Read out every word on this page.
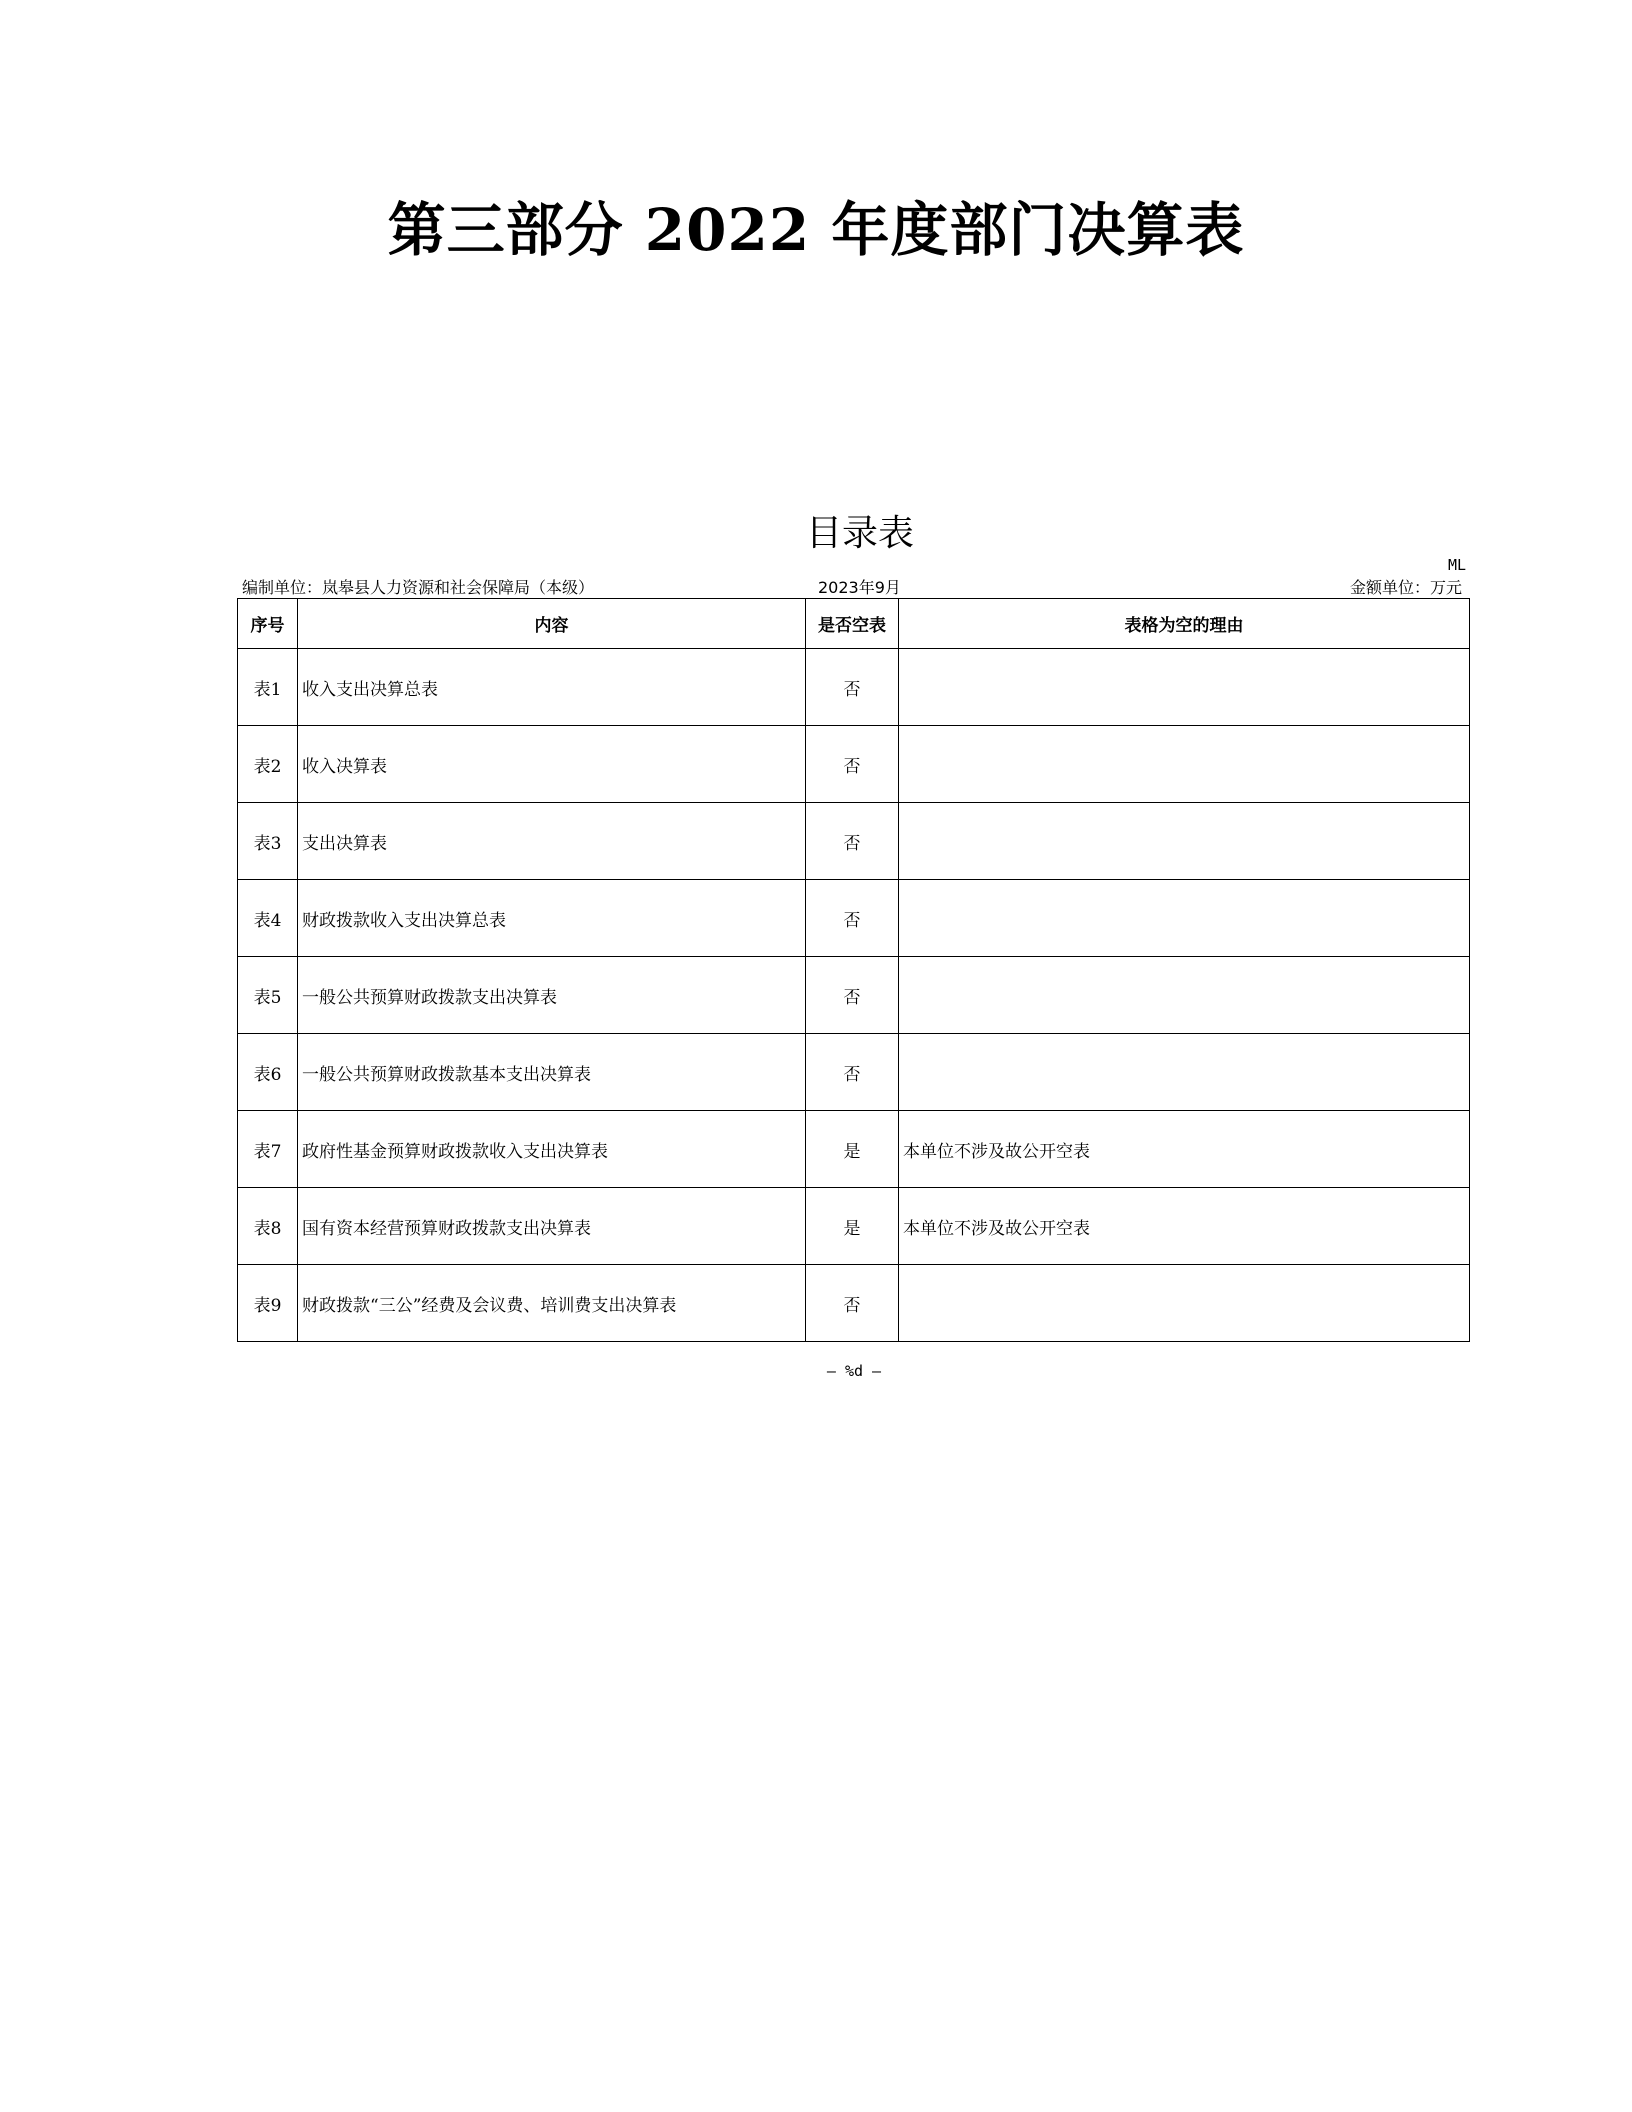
第三部分 2022 年度部门决算表
目录表
ML
编制单位：岚皋县人力资源和社会保障局（本级）	2023年9月	金额单位：万元
序号	内容	是否空表	表格为空的理由
表1	收入支出决算总表	否	
表2	收入决算表	否	
表3	支出决算表	否	
表4	财政拨款收入支出决算总表	否	
表5	一般公共预算财政拨款支出决算表	否	
表6	一般公共预算财政拨款基本支出决算表	否	
表7	政府性基金预算财政拨款收入支出决算表	是	本单位不涉及故公开空表
表8	国有资本经营预算财政拨款支出决算表	是	本单位不涉及故公开空表
表9	财政拨款“三公”经费及会议费、培训费支出决算表	否	
— %d —
